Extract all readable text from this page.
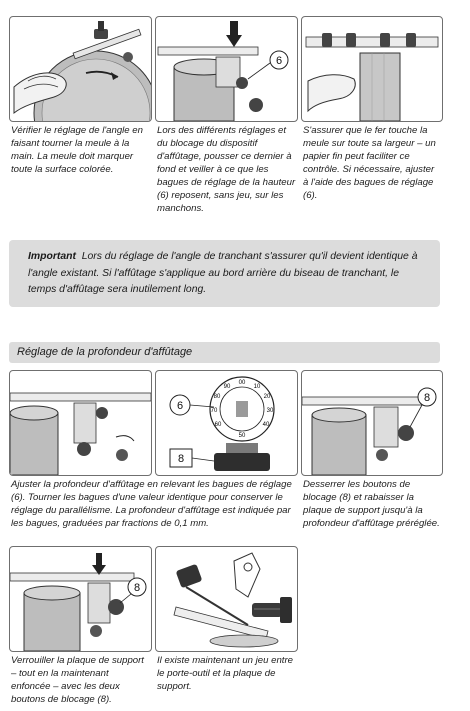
6

Vérifier le réglage de l'angle en faisant tourner la meule à la main. La meule doit marquer toute la surface colorée.

Lors des différents réglages et du blocage du dispositif d'affûtage, pousser ce dernier à fond et veiller à ce que les bagues de réglage de la hauteur (6) reposent, sans jeu, sur les manchons.

S'assurer que le fer touche la meule sur toute sa largeur – un papier fin peut faciliter ce contrôle. Si nécessaire, ajuster à l'aide des bagues de réglage (6).

Important Lors du réglage de l'angle de tranchant s'assurer qu'il devient identique à l'angle existant. Si l'affûtage s'applique au bord arrière du biseau de tranchant, le temps d'affûtage sera inutilement long.
Réglage de la profondeur d'affûtage
00
10
20
30
40
50
60
70
80
90
6
8
8

Ajuster la profondeur d'affûtage en relevant les bagues de réglage (6). Tourner les bagues d'une valeur identique pour conserver le réglage du parallélisme. La profondeur d'affûtage est indiquée par les bagues, graduées par fractions de 0,1 mm.

Desserrer les boutons de blocage (8) et rabaisser la plaque de support jusqu'à la profondeur d'affûtage préréglée.

8

Verrouiller la plaque de support – tout en la maintenant enfoncée – avec les deux boutons de blocage (8).

Il existe maintenant un jeu entre le porte-outil et la plaque de support.
